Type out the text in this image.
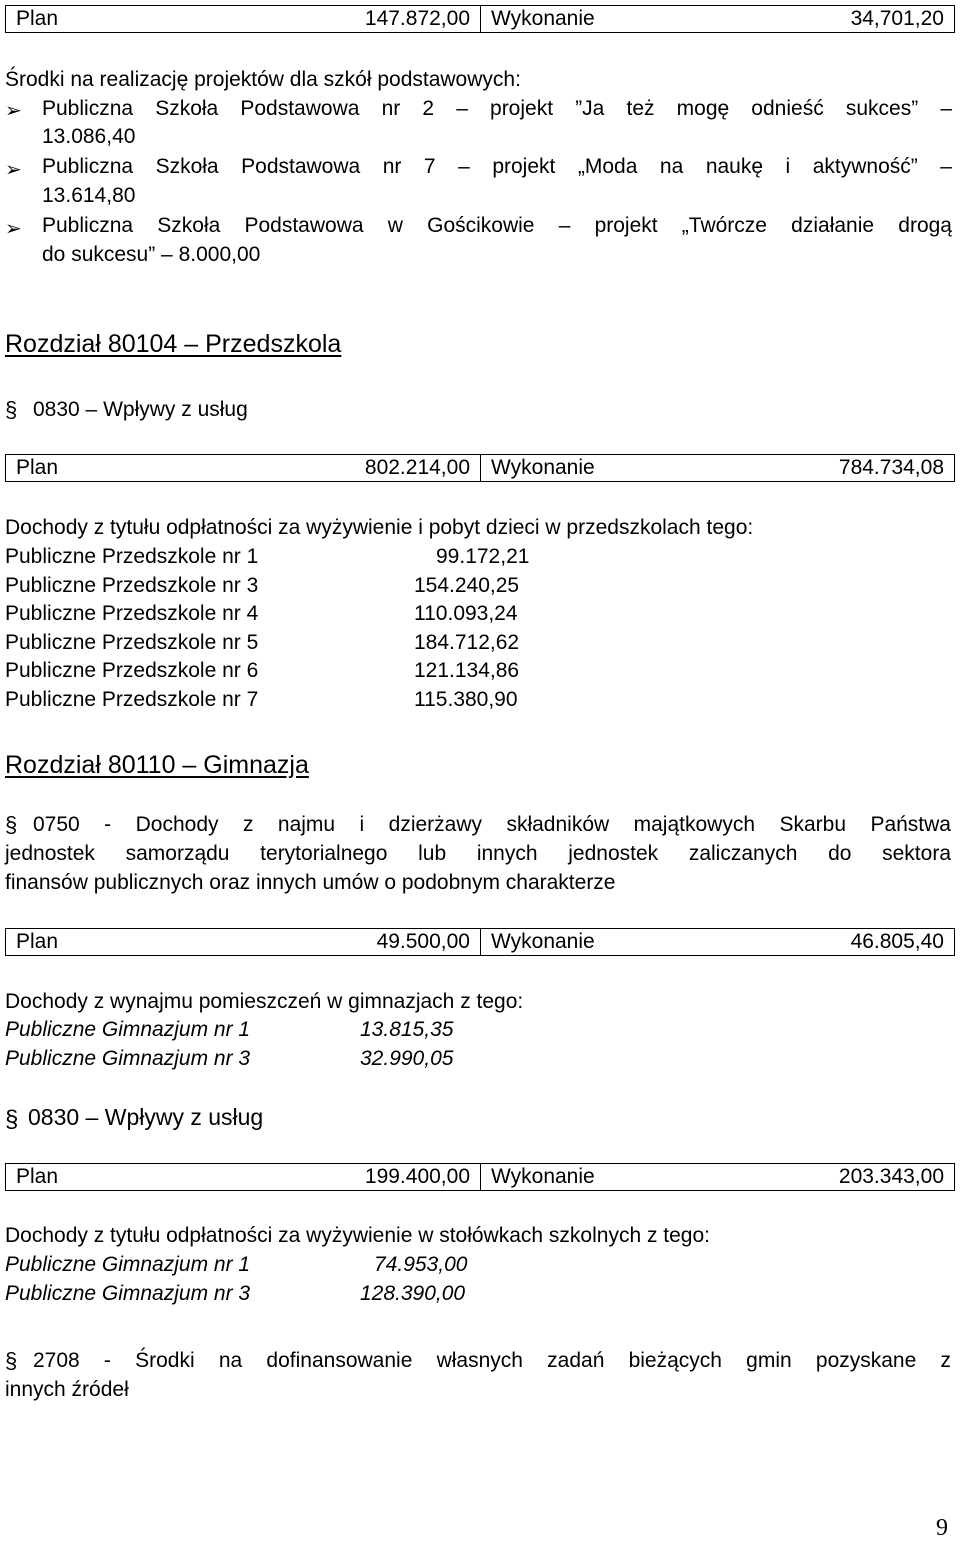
Plan	147.872,00 Wykonanie	34,701,20
Środki na realizację projektów dla szkół podstawowych:
➢ Publiczna Szkoła Podstawowa nr 2 – projekt ”Ja też mogę odnieść sukces” –
13.086,40
➢ Publiczna Szkoła Podstawowa nr 7 – projekt „Moda na naukę i aktywność” –
13.614,80
➢ Publiczna Szkoła Podstawowa w Gościkowie – projekt „Twórcze działanie drogą
do sukcesu” – 8.000,00
Rozdział 80104 – Przedszkola
§ 0830 – Wpływy z usług
Plan	802.214,00 Wykonanie	784.734,08
Dochody z tytułu odpłatności za wyżywienie i pobyt dzieci w przedszkolach tego:
Publiczne Przedszkole nr 1	99.172,21
Publiczne Przedszkole nr 3	154.240,25
Publiczne Przedszkole nr 4	110.093,24
Publiczne Przedszkole nr 5	184.712,62
Publiczne Przedszkole nr 6	121.134,86
Publiczne Przedszkole nr 7	115.380,90
Rozdział 80110 – Gimnazja
§ 0750 - Dochody z najmu i dzierżawy składników majątkowych Skarbu Państwa
jednostek samorządu terytorialnego lub innych jednostek zaliczanych do sektora
finansów publicznych oraz innych umów o podobnym charakterze
Plan	49.500,00 Wykonanie	46.805,40
Dochody z wynajmu pomieszczeń w gimnazjach z tego:
Publiczne Gimnazjum nr 1	13.815,35
Publiczne Gimnazjum nr 3	32.990,05
§ 0830 – Wpływy z usług
Plan	199.400,00 Wykonanie	203.343,00
Dochody z tytułu odpłatności za wyżywienie w stołówkach szkolnych z tego:
Publiczne Gimnazjum nr 1	74.953,00
Publiczne Gimnazjum nr 3	128.390,00
§ 2708 - Środki na dofinansowanie własnych zadań bieżących gmin pozyskane z
innych źródeł
9
